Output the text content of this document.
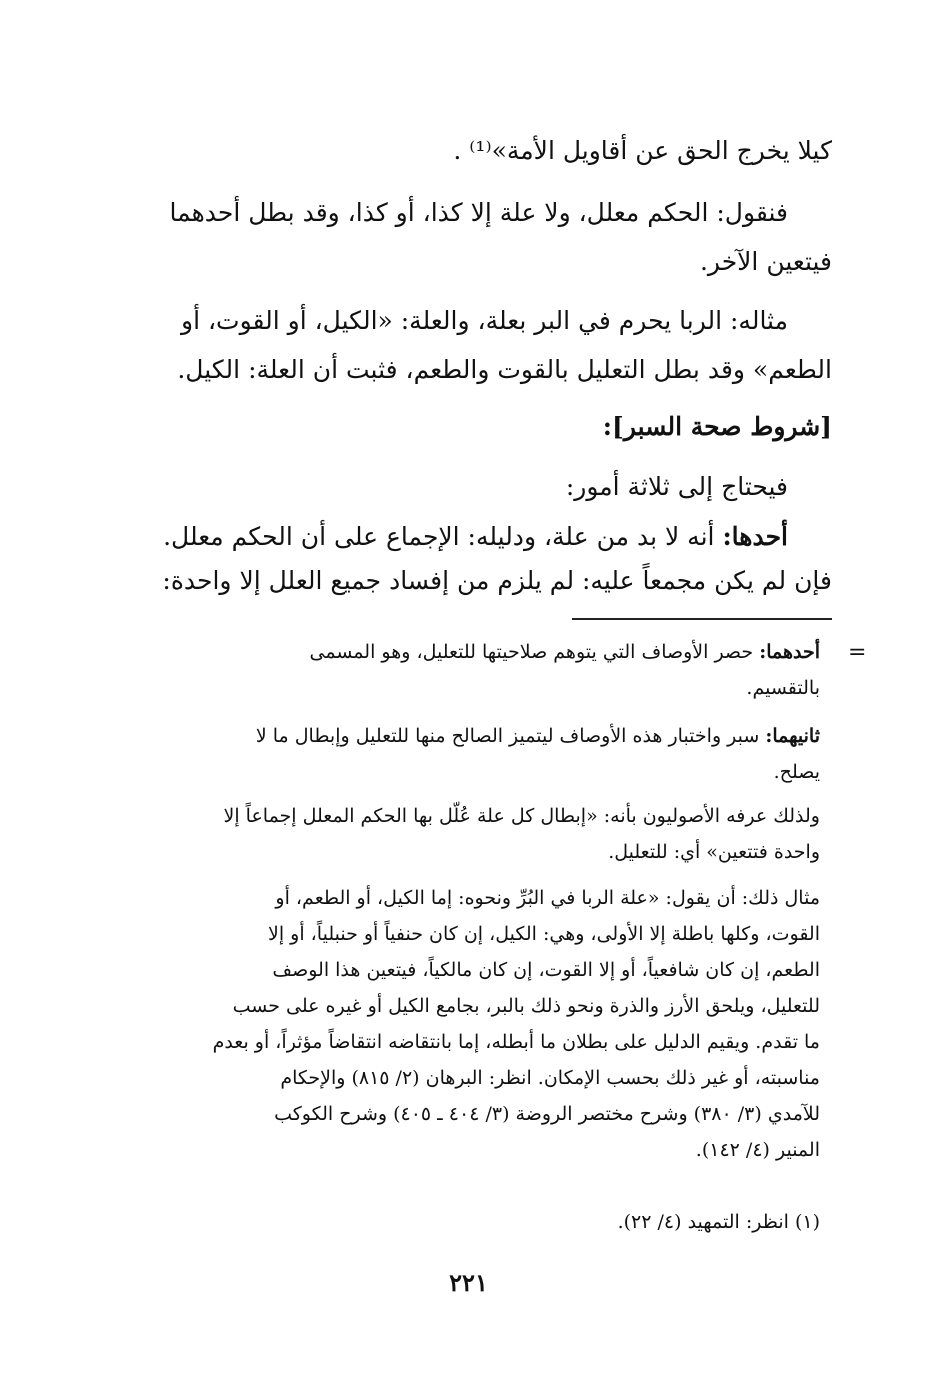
كيلا يخرج الحق عن أقاويل الأمة»⁽¹⁾ .
فنقول: الحكم معلل، ولا علة إلا كذا، أو كذا، وقد بطل أحدهما
فيتعين الآخر.
مثاله: الربا يحرم في البر بعلة، والعلة: «الكيل، أو القوت، أو
الطعم» وقد بطل التعليل بالقوت والطعم، فثبت أن العلة: الكيل.
[شروط صحة السبر]:
فيحتاج إلى ثلاثة أمور:
أحدها: أنه لا بد من علة، ودليله: الإجماع على أن الحكم معلل.
فإن لم يكن مجمعاً عليه: لم يلزم من إفساد جميع العلل إلا واحدة:
=
أحدهما: حصر الأوصاف التي يتوهم صلاحيتها للتعليل، وهو المسمى
بالتقسيم.
ثانيهما: سبر واختبار هذه الأوصاف ليتميز الصالح منها للتعليل وإبطال ما لا
يصلح.
ولذلك عرفه الأصوليون بأنه: «إبطال كل علة عُلّل بها الحكم المعلل إجماعاً إلا
واحدة فتتعين» أي: للتعليل.
مثال ذلك: أن يقول: «علة الربا في البُرِّ ونحوه: إما الكيل، أو الطعم، أو
القوت، وكلها باطلة إلا الأولى، وهي: الكيل، إن كان حنفياً أو حنبلياً، أو إلا
الطعم، إن كان شافعياً، أو إلا القوت، إن كان مالكياً، فيتعين هذا الوصف
للتعليل، ويلحق الأرز والذرة ونحو ذلك بالبر، بجامع الكيل أو غيره على حسب
ما تقدم. ويقيم الدليل على بطلان ما أبطله، إما بانتقاضه انتقاضاً مؤثراً، أو بعدم
مناسبته، أو غير ذلك بحسب الإمكان. انظر: البرهان (٢/ ٨١٥) والإحكام
للآمدي (٣/ ٣٨٠) وشرح مختصر الروضة (٣/ ٤٠٤ ـ ٤٠٥) وشرح الكوكب
المنير (٤/ ١٤٢).
(١) انظر: التمهيد (٤/ ٢٢).
٢٢١
